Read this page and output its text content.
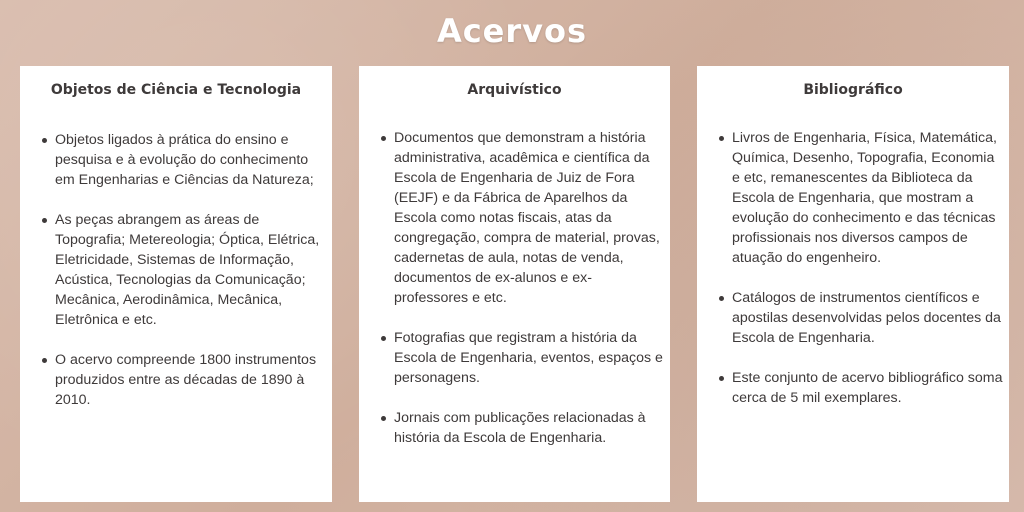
Acervos
Objetos de Ciência e Tecnologia
Objetos ligados à prática do ensino e pesquisa e à evolução do conhecimento em Engenharias e Ciências da Natureza;
As peças abrangem as áreas de Topografia; Metereologia; Óptica, Elétrica, Eletricidade, Sistemas de Informação, Acústica, Tecnologias da Comunicação; Mecânica, Aerodinâmica, Mecânica, Eletrônica e etc.
O acervo compreende 1800 instrumentos produzidos entre as décadas de 1890 à 2010.
Arquivístico
Documentos que demonstram a história administrativa, acadêmica e científica da Escola de Engenharia de Juiz de Fora (EEJF) e da Fábrica de Aparelhos da Escola como notas fiscais, atas da congregação, compra de material, provas, cadernetas de aula, notas de venda, documentos de ex-alunos e ex-professores e etc.
Fotografias que registram a história da Escola de Engenharia, eventos, espaços e personagens.
Jornais com publicações relacionadas à história da Escola de Engenharia.
Bibliográfico
Livros de Engenharia, Física, Matemática, Química, Desenho, Topografia, Economia e etc, remanescentes da Biblioteca da Escola de Engenharia, que mostram a evolução do conhecimento e das técnicas profissionais nos diversos campos de atuação do engenheiro.
Catálogos de instrumentos científicos e apostilas desenvolvidas pelos docentes da Escola de Engenharia.
Este conjunto de acervo bibliográfico soma cerca de 5 mil exemplares.
